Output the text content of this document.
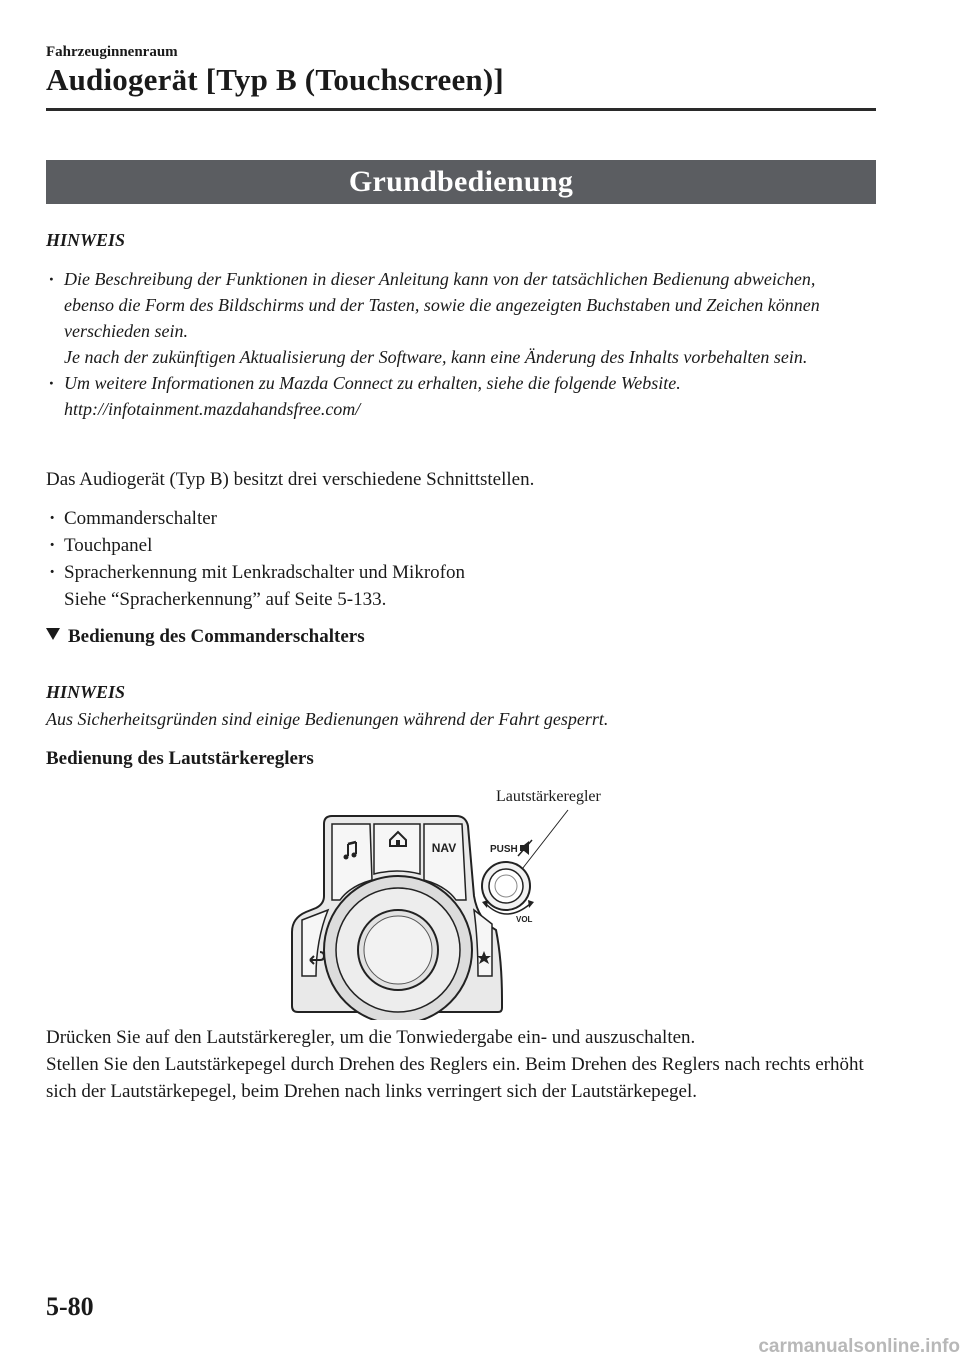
Fahrzeuginnenraum
Audiogerät [Typ B (Touchscreen)]
Grundbedienung
HINWEIS
· Die Beschreibung der Funktionen in dieser Anleitung kann von der tatsächlichen Bedienung abweichen, ebenso die Form des Bildschirms und der Tasten, sowie die angezeigten Buchstaben und Zeichen können verschieden sein.
Je nach der zukünftigen Aktualisierung der Software, kann eine Änderung des Inhalts vorbehalten sein.
· Um weitere Informationen zu Mazda Connect zu erhalten, siehe die folgende Website.
http://infotainment.mazdahandsfree.com/
Das Audiogerät (Typ B) besitzt drei verschiedene Schnittstellen.
· Commanderschalter
· Touchpanel
· Spracherkennung mit Lenkradschalter und Mikrofon
Siehe “Spracherkennung” auf Seite 5-133.
Bedienung des Commanderschalters
HINWEIS
Aus Sicherheitsgründen sind einige Bedienungen während der Fahrt gesperrt.
Bedienung des Lautstärkereglers
Lautstärkeregler
NAV	PUSH
VOL
Drücken Sie auf den Lautstärkeregler, um die Tonwiedergabe ein- und auszuschalten.
Stellen Sie den Lautstärkepegel durch Drehen des Reglers ein. Beim Drehen des Reglers nach rechts erhöht sich der Lautstärkepegel, beim Drehen nach links verringert sich der Lautstärkepegel.
5-80
carmanualsonline.info
